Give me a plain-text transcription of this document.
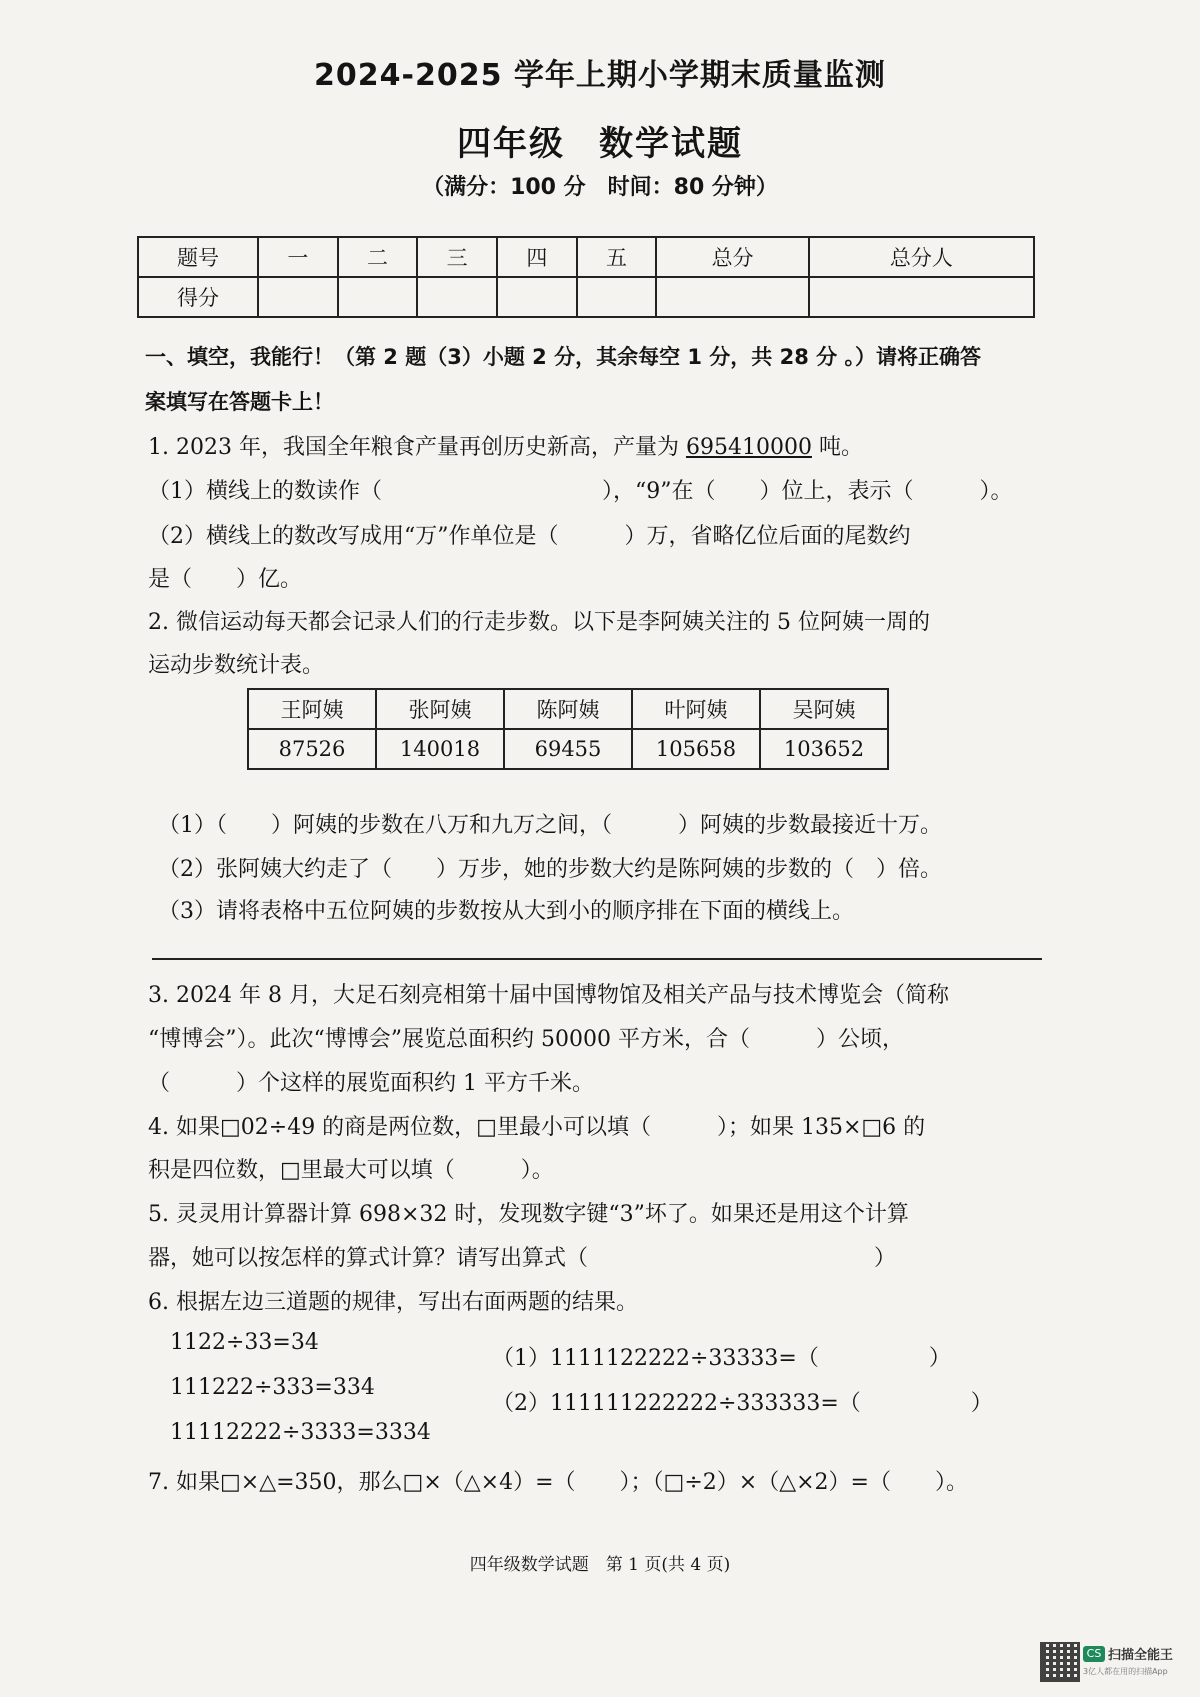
2024-2025 学年上期小学期末质量监测
四年级 数学试题
（满分：100 分　时间：80 分钟）
题号	一	二	三	四	五	总分	总分人
得分							
一、填空，我能行！（第 2 题（3）小题 2 分，其余每空 1 分，共 28 分 。）请将正确答
案填写在答题卡上！
1. 2023 年，我国全年粮食产量再创历史新高，产量为 695410000 吨。
（1）横线上的数读作（　　　　　　　　　　），“9”在（　　）位上，表示（　　　）。
（2）横线上的数改写成用“万”作单位是（　　　）万，省略亿位后面的尾数约
是（　　）亿。
2. 微信运动每天都会记录人们的行走步数。以下是李阿姨关注的 5 位阿姨一周的
运动步数统计表。
王阿姨	张阿姨	陈阿姨	叶阿姨	吴阿姨
87526	140018	69455	105658	103652
（1）（　　）阿姨的步数在八万和九万之间，（　　　）阿姨的步数最接近十万。
（2）张阿姨大约走了（　　）万步，她的步数大约是陈阿姨的步数的（　）倍。
（3）请将表格中五位阿姨的步数按从大到小的顺序排在下面的横线上。
3. 2024 年 8 月，大足石刻亮相第十届中国博物馆及相关产品与技术博览会（简称
“博博会”）。此次“博博会”展览总面积约 50000 平方米，合（　　　）公顷，
（　　　）个这样的展览面积约 1 平方千米。
4. 如果□02÷49 的商是两位数，□里最小可以填（　　　）；如果 135×□6 的
积是四位数，□里最大可以填（　　　）。
5. 灵灵用计算器计算 698×32 时，发现数字键“3”坏了。如果还是用这个计算
器，她可以按怎样的算式计算？请写出算式（　　　　　　　　　　　　　）
6. 根据左边三道题的规律，写出右面两题的结果。
1122÷33=34
111222÷333=334
11112222÷3333=3334
（1）1111122222÷33333=（　　　　　）
（2）111111222222÷333333=（　　　　　）
7. 如果□×△=350，那么□×（△×4）=（　　）；（□÷2）×（△×2）=（　　）。
四年级数学试题　第 1 页(共 4 页)
CS 扫描全能王
3亿人都在用的扫描App
